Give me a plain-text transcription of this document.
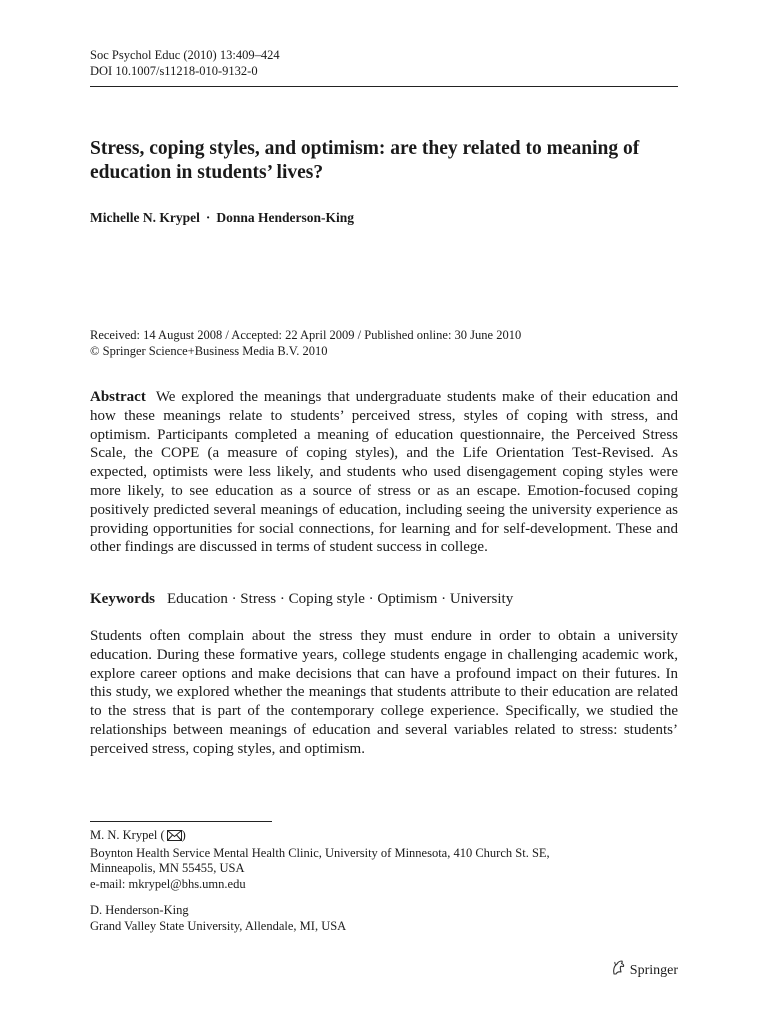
Soc Psychol Educ (2010) 13:409–424
DOI 10.1007/s11218-010-9132-0
Stress, coping styles, and optimism: are they related to meaning of education in students’ lives?

Michelle N. Krypel · Donna Henderson-King

Received: 14 August 2008 / Accepted: 22 April 2009 / Published online: 30 June 2010
© Springer Science+Business Media B.V. 2010

Abstract We explored the meanings that undergraduate students make of their education and how these meanings relate to students’ perceived stress, styles of coping with stress, and optimism. Participants completed a meaning of education questionnaire, the Perceived Stress Scale, the COPE (a measure of coping styles), and the Life Orientation Test-Revised. As expected, optimists were less likely, and students who used disengagement coping styles were more likely, to see education as a source of stress or as an escape. Emotion-focused coping positively predicted several meanings of education, including seeing the university experience as providing opportunities for social connections, for learning and for self-development. These and other findings are discussed in terms of student success in college.

Keywords Education · Stress · Coping style · Optimism · University

Students often complain about the stress they must endure in order to obtain a university education. During these formative years, college students engage in challenging academic work, explore career options and make decisions that can have a profound impact on their futures. In this study, we explored whether the meanings that students attribute to their education are related to the stress that is part of the contemporary college experience. Specifically, we studied the relationships between meanings of education and several variables related to stress: students’ perceived stress, coping styles, and optimism.

M. N. Krypel ( )
Boynton Health Service Mental Health Clinic, University of Minnesota, 410 Church St. SE,
Minneapolis, MN 55455, USA
e-mail: mkrypel@bhs.umn.edu
D. Henderson-King
Grand Valley State University, Allendale, MI, USA
Springer
